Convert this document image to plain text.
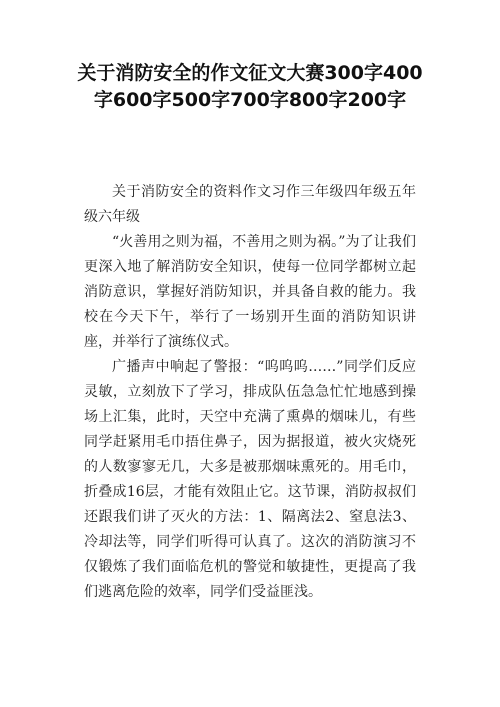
关于消防安全的作文征文大赛300字400字600字500字700字800字200字

关于消防安全的资料作文习作三年级四年级五年级六年级

“火善用之则为福，不善用之则为祸。”为了让我们更深入地了解消防安全知识，使每一位同学都树立起消防意识，掌握好消防知识，并具备自救的能力。我校在今天下午，举行了一场别开生面的消防知识讲座，并举行了演练仪式。

广播声中响起了警报：“呜呜呜……”同学们反应灵敏，立刻放下了学习，排成队伍急急忙忙地感到操场上汇集，此时，天空中充满了熏鼻的烟味儿，有些同学赶紧用毛巾捂住鼻子，因为据报道，被火灾烧死的人数寥寥无几，大多是被那烟味熏死的。用毛巾，折叠成16层，才能有效阻止它。这节课，消防叔叔们还跟我们讲了灭火的方法：1、隔离法2、窒息法3、冷却法等，同学们听得可认真了。这次的消防演习不仅锻炼了我们面临危机的警觉和敏捷性，更提高了我们逃离危险的效率，同学们受益匪浅。
